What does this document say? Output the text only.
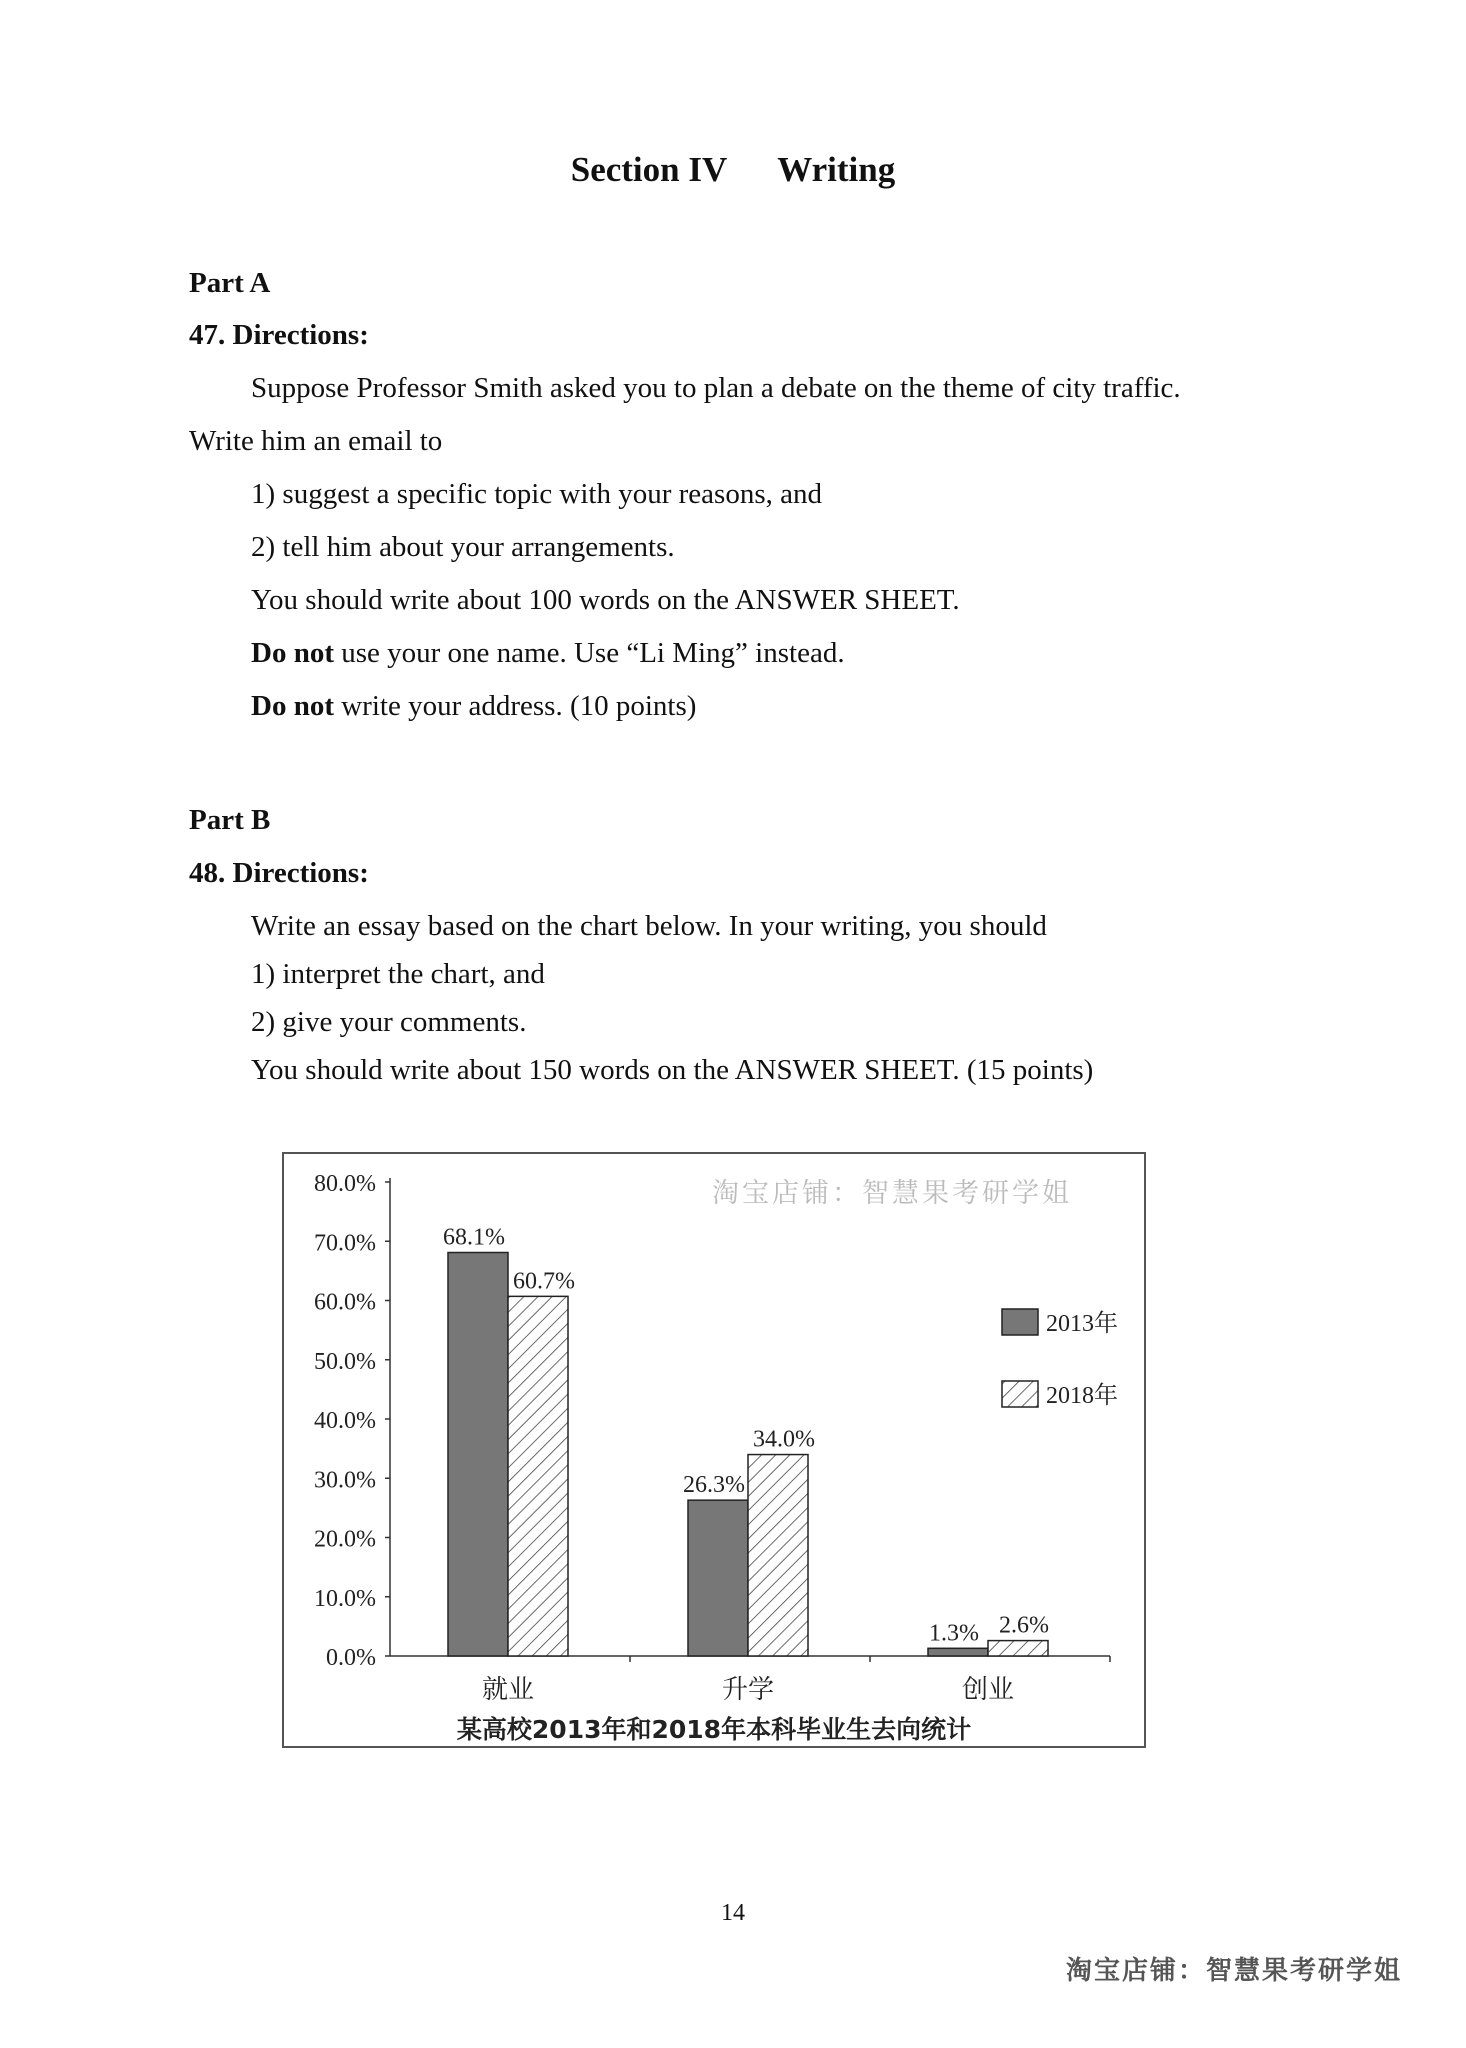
Section IV Writing
Part A
47. Directions:
Suppose Professor Smith asked you to plan a debate on the theme of city traffic.
Write him an email to
1) suggest a specific topic with your reasons, and
2) tell him about your arrangements.
You should write about 100 words on the ANSWER SHEET.
Do not use your one name. Use “Li Ming” instead.
Do not write your address. (10 points)
Part B
48. Directions:
Write an essay based on the chart below. In your writing, you should
1) interpret the chart, and
2) give your comments.
You should write about 150 words on the ANSWER SHEET. (15 points)
淘宝店铺：智慧果考研学姐
0.0%
10.0%
20.0%
30.0%
40.0%
50.0%
60.0%
70.0%
80.0%
68.1%
60.7%
就业
26.3%
34.0%
升学
1.3% 2.6%
创业
2013年
2018年
某高校2013年和2018年本科毕业生去向统计
14
淘宝店铺：智慧果考研学姐
